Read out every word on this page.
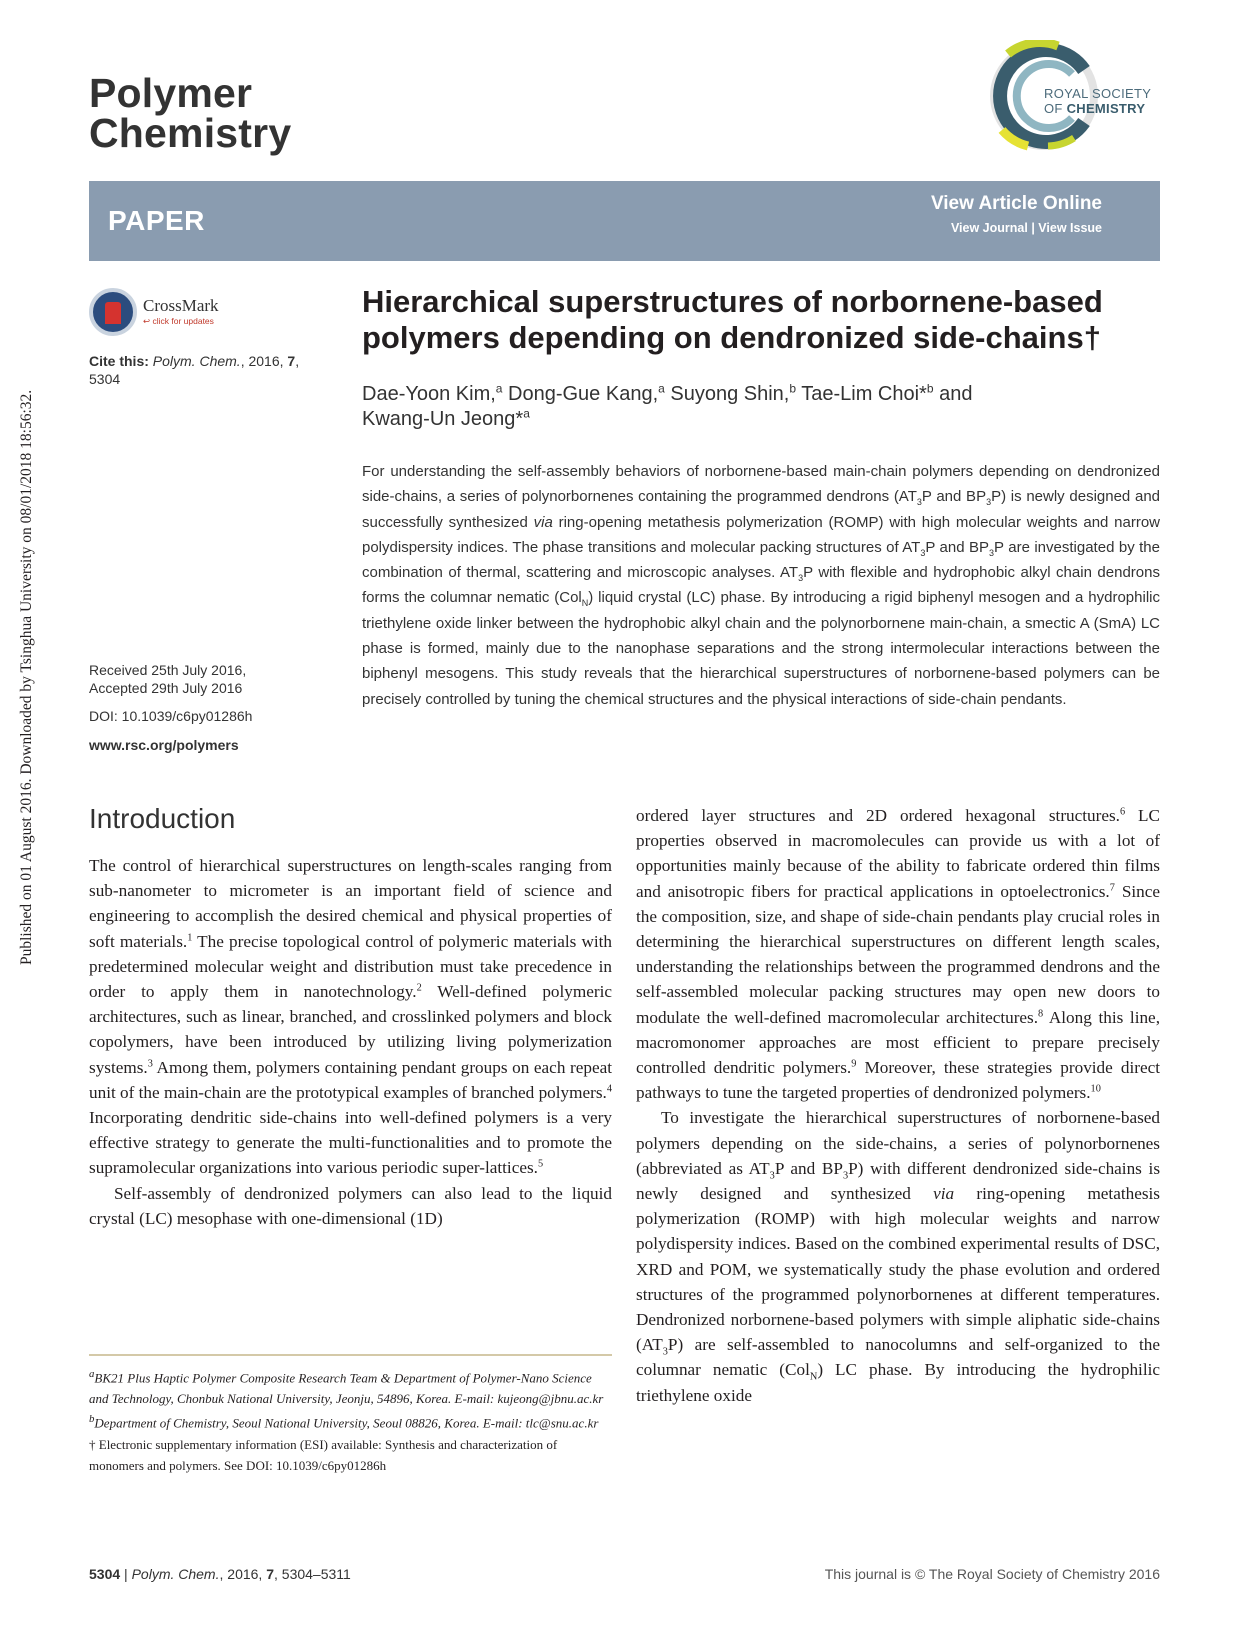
Published on 01 August 2016. Downloaded by Tsinghua University on 08/01/2018 18:56:32.
Polymer
Chemistry
ROYAL SOCIETY
OF CHEMISTRY
PAPER
View Article Online
View Journal | View Issue
CrossMark
↩ click for updates
Cite this: Polym. Chem., 2016, 7, 5304
Received 25th July 2016,
Accepted 29th July 2016
DOI: 10.1039/c6py01286h
www.rsc.org/polymers
Hierarchical superstructures of norbornene-based
polymers depending on dendronized side-chains†
Dae-Yoon Kim,$^a$ Dong-Gue Kang,$^a$ Suyong Shin,$^b$ Tae-Lim Choi*$^b$ and
Kwang-Un Jeong*$^a$
For understanding the self-assembly behaviors of norbornene-based main-chain polymers depending on dendronized side-chains, a series of polynorbornenes containing the programmed dendrons ($AT_3P$ and $BP_3P$) is newly designed and successfully synthesized via ring-opening metathesis polymerization (ROMP) with high molecular weights and narrow polydispersity indices. The phase transitions and molecular packing structures of $AT_3P$ and $BP_3P$ are investigated by the combination of thermal, scattering and microscopic analyses. $AT_3P$ with flexible and hydrophobic alkyl chain dendrons forms the columnar nematic (Col$_N$) liquid crystal (LC) phase. By introducing a rigid biphenyl mesogen and a hydrophilic triethylene oxide linker between the hydrophobic alkyl chain and the polynorbornene main-chain, a smectic A (SmA) LC phase is formed, mainly due to the nanophase separations and the strong intermolecular interactions between the biphenyl mesogens. This study reveals that the hierarchical superstructures of norbornene-based polymers can be precisely controlled by tuning the chemical structures and the physical interactions of side-chain pendants.
Introduction

The control of hierarchical superstructures on length-scales ranging from sub-nanometer to micrometer is an important field of science and engineering to accomplish the desired chemical and physical properties of soft materials.$^1$ The precise topological control of polymeric materials with predetermined molecular weight and distribution must take precedence in order to apply them in nanotechnology.$^2$ Well-defined polymeric architectures, such as linear, branched, and crosslinked polymers and block copolymers, have been introduced by utilizing living polymerization systems.$^3$ Among them, polymers containing pendant groups on each repeat unit of the main-chain are the prototypical examples of branched polymers.$^4$ Incorporating dendritic side-chains into well-defined polymers is a very effective strategy to generate the multi-functionalities and to promote the supramolecular organizations into various periodic super-lattices.$^5$

Self-assembly of dendronized polymers can also lead to the liquid crystal (LC) mesophase with one-dimensional (1D)

ordered layer structures and 2D ordered hexagonal structures.$^6$ LC properties observed in macromolecules can provide us with a lot of opportunities mainly because of the ability to fabricate ordered thin films and anisotropic fibers for practical applications in optoelectronics.$^7$ Since the composition, size, and shape of side-chain pendants play crucial roles in determining the hierarchical superstructures on different length scales, understanding the relationships between the programmed dendrons and the self-assembled molecular packing structures may open new doors to modulate the well-defined macromolecular architectures.$^8$ Along this line, macromonomer approaches are most efficient to prepare precisely controlled dendritic polymers.$^9$ Moreover, these strategies provide direct pathways to tune the targeted properties of dendronized polymers.$^{10}$

To investigate the hierarchical superstructures of norbornene-based polymers depending on the side-chains, a series of polynorbornenes (abbreviated as $AT_3P$ and $BP_3P$) with different dendronized side-chains is newly designed and synthesized via ring-opening metathesis polymerization (ROMP) with high molecular weights and narrow polydispersity indices. Based on the combined experimental results of DSC, XRD and POM, we systematically study the phase evolution and ordered structures of the programmed polynorbornenes at different temperatures. Dendronized norbornene-based polymers with simple aliphatic side-chains $(AT_3P)$ are self-assembled to nanocolumns and self-organized to the columnar nematic (Col$_N$) LC phase. By introducing the hydrophilic triethylene oxide

$^a$BK21 Plus Haptic Polymer Composite Research Team & Department of Polymer-Nano Science and Technology, Chonbuk National University, Jeonju, 54896, Korea. E-mail: kujeong@jbnu.ac.kr
$^b$Department of Chemistry, Seoul National University, Seoul 08826, Korea. E-mail: tlc@snu.ac.kr
† Electronic supplementary information (ESI) available: Synthesis and characterization of monomers and polymers. See DOI: 10.1039/c6py01286h
5304 | Polym. Chem., 2016, 7, 5304–5311	This journal is © The Royal Society of Chemistry 2016
